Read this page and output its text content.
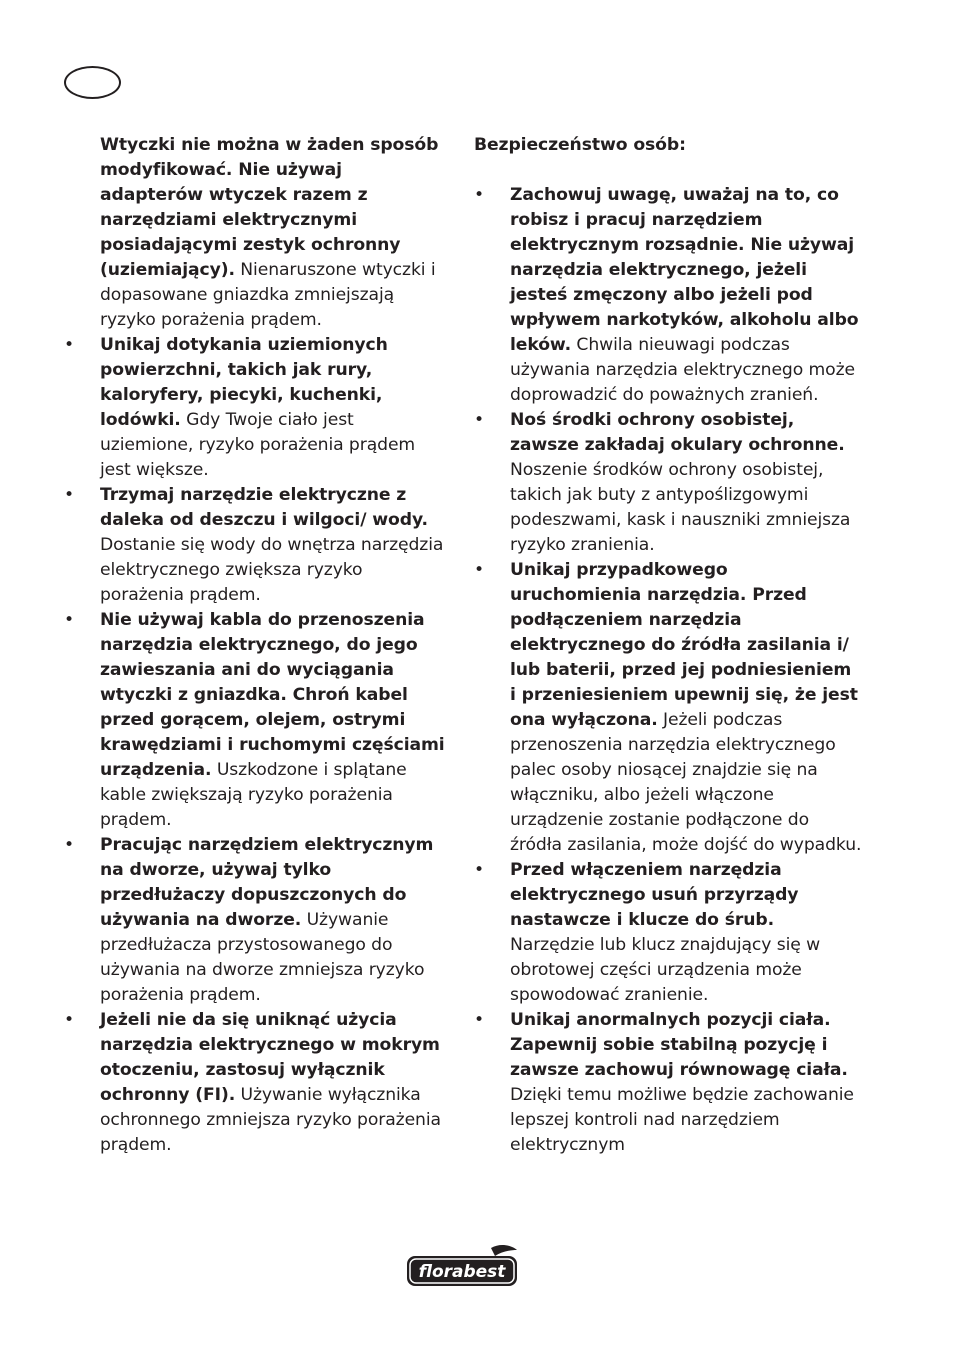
Wtyczki nie można w żaden sposób modyfikować. Nie używaj adapterów wtyczek razem z narzędziami elektrycznymi posiadającymi zestyk ochronny (uziemiający). Nienaruszone wtyczki i dopasowane gniazdka zmniejszają ryzyko porażenia prądem.

•	Unikaj dotykania uziemionych powierzchni, takich jak rury, kaloryfery, piecyki, kuchenki, lodówki. Gdy Twoje ciało jest uziemione, ryzyko porażenia prądem jest większe.

•	Trzymaj narzędzie elektryczne z daleka od deszczu i wilgoci/ wody. Dostanie się wody do wnętrza narzędzia elektrycznego zwiększa ryzyko porażenia prądem.

•	Nie używaj kabla do przenoszenia narzędzia elektrycznego, do jego zawieszania ani do wyciągania wtyczki z gniazdka. Chroń kabel przed gorącem, olejem, ostrymi krawędziami i ruchomymi częściami urządzenia. Uszkodzone i splątane kable zwiększają ryzyko porażenia prądem.

•	Pracując narzędziem elektrycznym na dworze, używaj tylko przedłużaczy dopuszczonych do używania na dworze. Używanie przedłużacza przystosowanego do używania na dworze zmniejsza ryzyko porażenia prądem.

•	Jeżeli nie da się uniknąć użycia narzędzia elektrycznego w mokrym otoczeniu, zastosuj wyłącznik ochronny (FI). Używanie wyłącznika ochronnego zmniejsza ryzyko porażenia prądem.

Bezpieczeństwo osób:

•	Zachowuj uwagę, uważaj na to, co robisz i pracuj narzędziem elektrycznym rozsądnie. Nie używaj narzędzia elektrycznego, jeżeli jesteś zmęczony albo jeżeli pod wpływem narkotyków, alkoholu albo leków. Chwila nieuwagi podczas używania narzędzia elektrycznego może doprowadzić do poważnych zranień.

•	Noś środki ochrony osobistej, zawsze zakładaj okulary ochronne. Noszenie środków ochrony osobistej, takich jak buty z antypoślizgowymi podeszwami, kask i nauszniki zmniejsza ryzyko zranienia.

•	Unikaj przypadkowego uruchomienia narzędzia. Przed podłączeniem narzędzia elektrycznego do źródła zasilania i/ lub baterii, przed jej podniesieniem i przeniesieniem upewnij się, że jest ona wyłączona. Jeżeli podczas przenoszenia narzędzia elektrycznego palec osoby niosącej znajdzie się na włączniku, albo jeżeli włączone urządzenie zostanie podłączone do źródła zasilania, może dojść do wypadku.

•	Przed włączeniem narzędzia elektrycznego usuń przyrządy nastawcze i klucze do śrub. Narzędzie lub klucz znajdujący się w obrotowej części urządzenia może spowodować zranienie.

•	Unikaj anormalnych pozycji ciała. Zapewnij sobie stabilną pozycję i zawsze zachowuj równowagę ciała. Dzięki temu możliwe będzie zachowanie lepszej kontroli nad narzędziem elektrycznym

florabest
